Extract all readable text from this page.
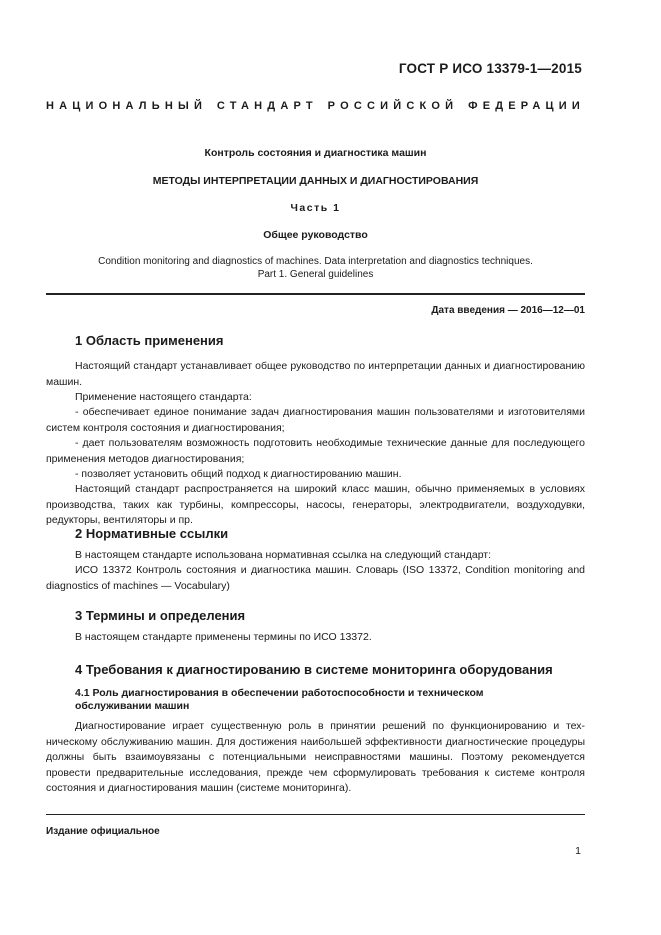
ГОСТ Р ИСО 13379-1—2015
НАЦИОНАЛЬНЫЙ СТАНДАРТ РОССИЙСКОЙ ФЕДЕРАЦИИ
Контроль состояния и диагностика машин
МЕТОДЫ ИНТЕРПРЕТАЦИИ ДАННЫХ И ДИАГНОСТИРОВАНИЯ
Часть 1
Общее руководство
Condition monitoring and diagnostics of machines. Data interpretation and diagnostics techniques.
Part 1. General guidelines
Дата введения — 2016—12—01
1 Область применения

Настоящий стандарт устанавливает общее руководство по интерпретации данных и диагностированию машин.

Применение настоящего стандарта:

- обеспечивает единое понимание задач диагностирования машин пользователями и изготовителями систем контроля состояния и диагностирования;

- дает пользователям возможность подготовить необходимые технические данные для последующего применения методов диагностирования;

- позволяет установить общий подход к диагностированию машин.

Настоящий стандарт распространяется на широкий класс машин, обычно применяемых в условиях производства, таких как турбины, компрессоры, насосы, генераторы, электродвигатели, воздуходувки, редукторы, вентиляторы и пр.

2 Нормативные ссылки

В настоящем стандарте использована нормативная ссылка на следующий стандарт:

ИСО 13372 Контроль состояния и диагностика машин. Словарь (ISO 13372, Condition monitoring and diagnostics of machines — Vocabulary)

3 Термины и определения

В настоящем стандарте применены термины по ИСО 13372.

4 Требования к диагностированию в системе мониторинга оборудования
4.1 Роль диагностирования в обеспечении работоспособности и техническом обслуживании машин

Диагностирование играет существенную роль в принятии решений по функционированию и техническому обслуживанию машин. Для достижения наибольшей эффективности диагностические процедуры должны быть взаимоувязаны с потенциальными неисправностями машины. Поэтому рекомендуется провести предварительные исследования, прежде чем сформулировать требования к системе контроля состояния и диагностирования машин (системе мониторинга).

Издание официальное
1
